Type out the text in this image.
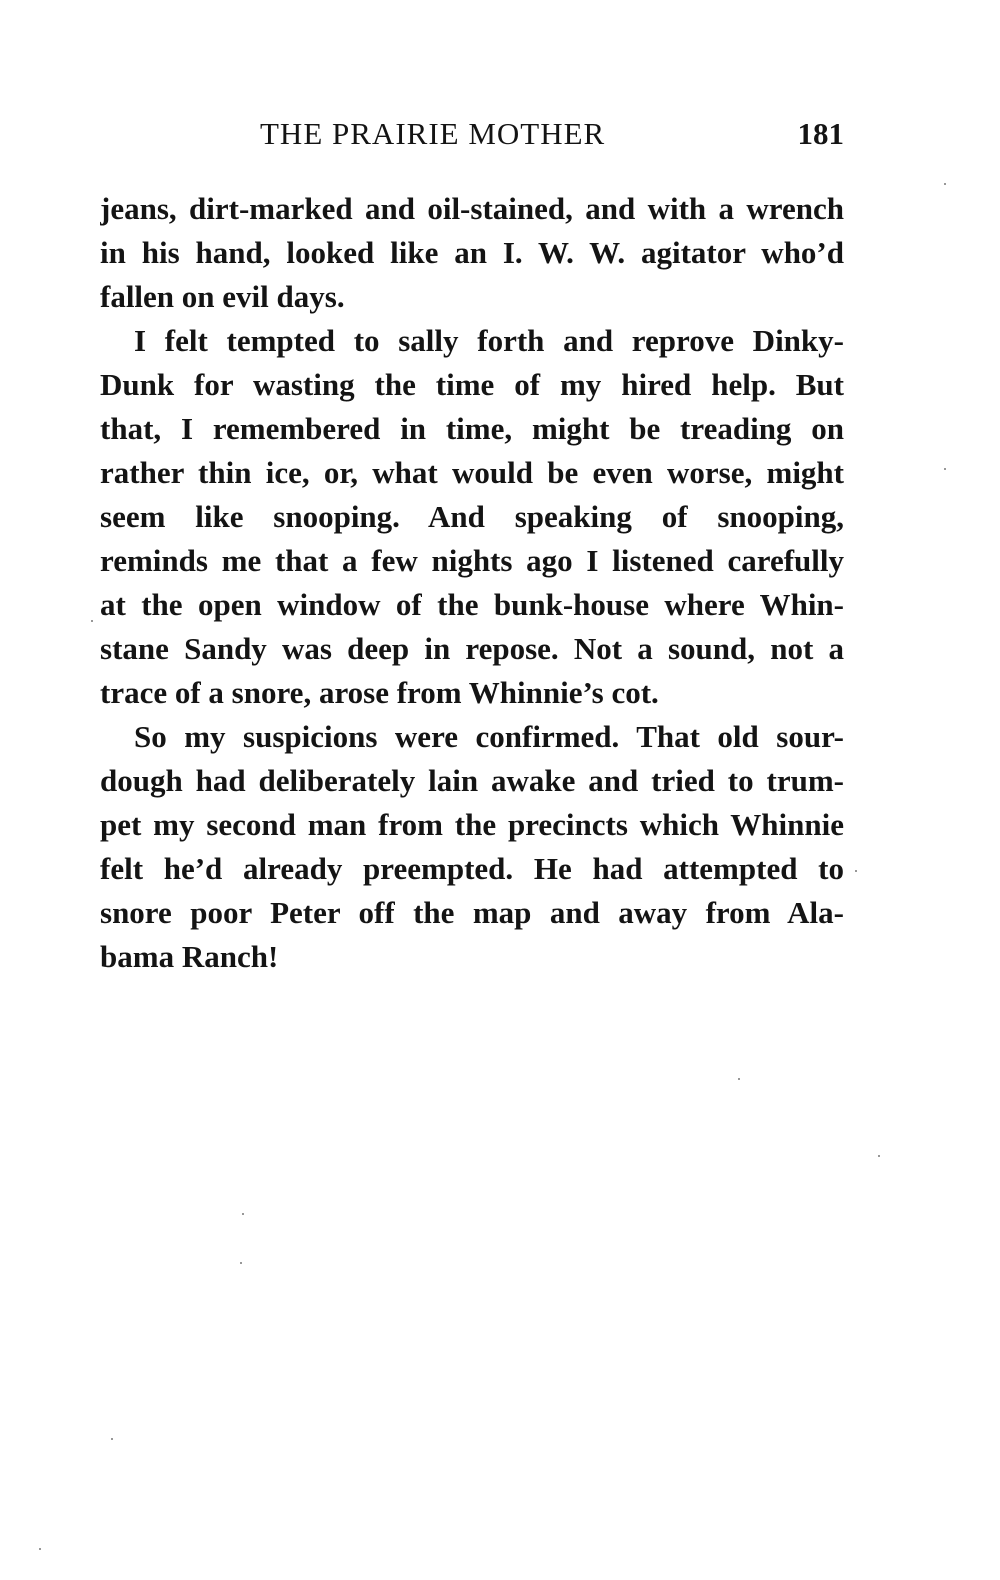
THE PRAIRIE MOTHER	181
jeans, dirt-marked and oil-stained, and with a wrench
in his hand, looked like an I. W. W. agitator who’d
fallen on evil days.
I felt tempted to sally forth and reprove Dinky-
Dunk for wasting the time of my hired help. But
that, I remembered in time, might be treading on
rather thin ice, or, what would be even worse, might
seem like snooping. And speaking of snooping,
reminds me that a few nights ago I listened carefully
at the open window of the bunk-house where Whin-
stane Sandy was deep in repose. Not a sound, not a
trace of a snore, arose from Whinnie’s cot.
So my suspicions were confirmed. That old sour-
dough had deliberately lain awake and tried to trum-
pet my second man from the precincts which Whinnie
felt he’d already preempted. He had attempted to
snore poor Peter off the map and away from Ala-
bama Ranch!
